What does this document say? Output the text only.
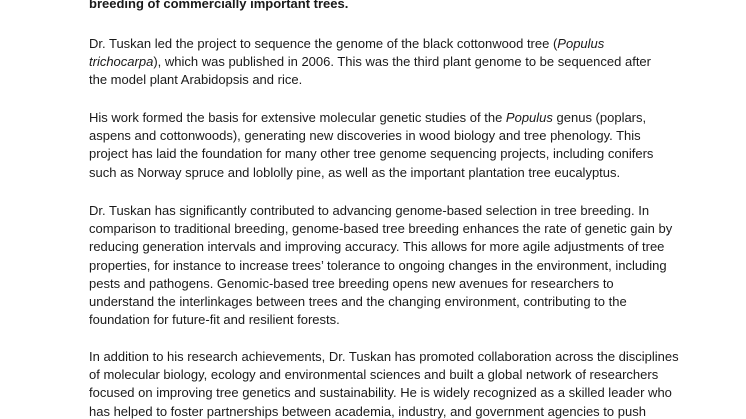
breeding of commercially important trees.

Dr. Tuskan led the project to sequence the genome of the black cottonwood tree (Populus
trichocarpa), which was published in 2006. This was the third plant genome to be sequenced after
the model plant Arabidopsis and rice.

His work formed the basis for extensive molecular genetic studies of the Populus genus (poplars,
aspens and cottonwoods), generating new discoveries in wood biology and tree phenology. This
project has laid the foundation for many other tree genome sequencing projects, including conifers
such as Norway spruce and loblolly pine, as well as the important plantation tree eucalyptus.

Dr. Tuskan has significantly contributed to advancing genome-based selection in tree breeding. In
comparison to traditional breeding, genome-based tree breeding enhances the rate of genetic gain by
reducing generation intervals and improving accuracy. This allows for more agile adjustments of tree
properties, for instance to increase trees’ tolerance to ongoing changes in the environment, including
pests and pathogens. Genomic-based tree breeding opens new avenues for researchers to
understand the interlinkages between trees and the changing environment, contributing to the
foundation for future-fit and resilient forests.

In addition to his research achievements, Dr. Tuskan has promoted collaboration across the disciplines
of molecular biology, ecology and environmental sciences and built a global network of researchers
focused on improving tree genetics and sustainability. He is widely recognized as a skilled leader who
has helped to foster partnerships between academia, industry, and government agencies to push
